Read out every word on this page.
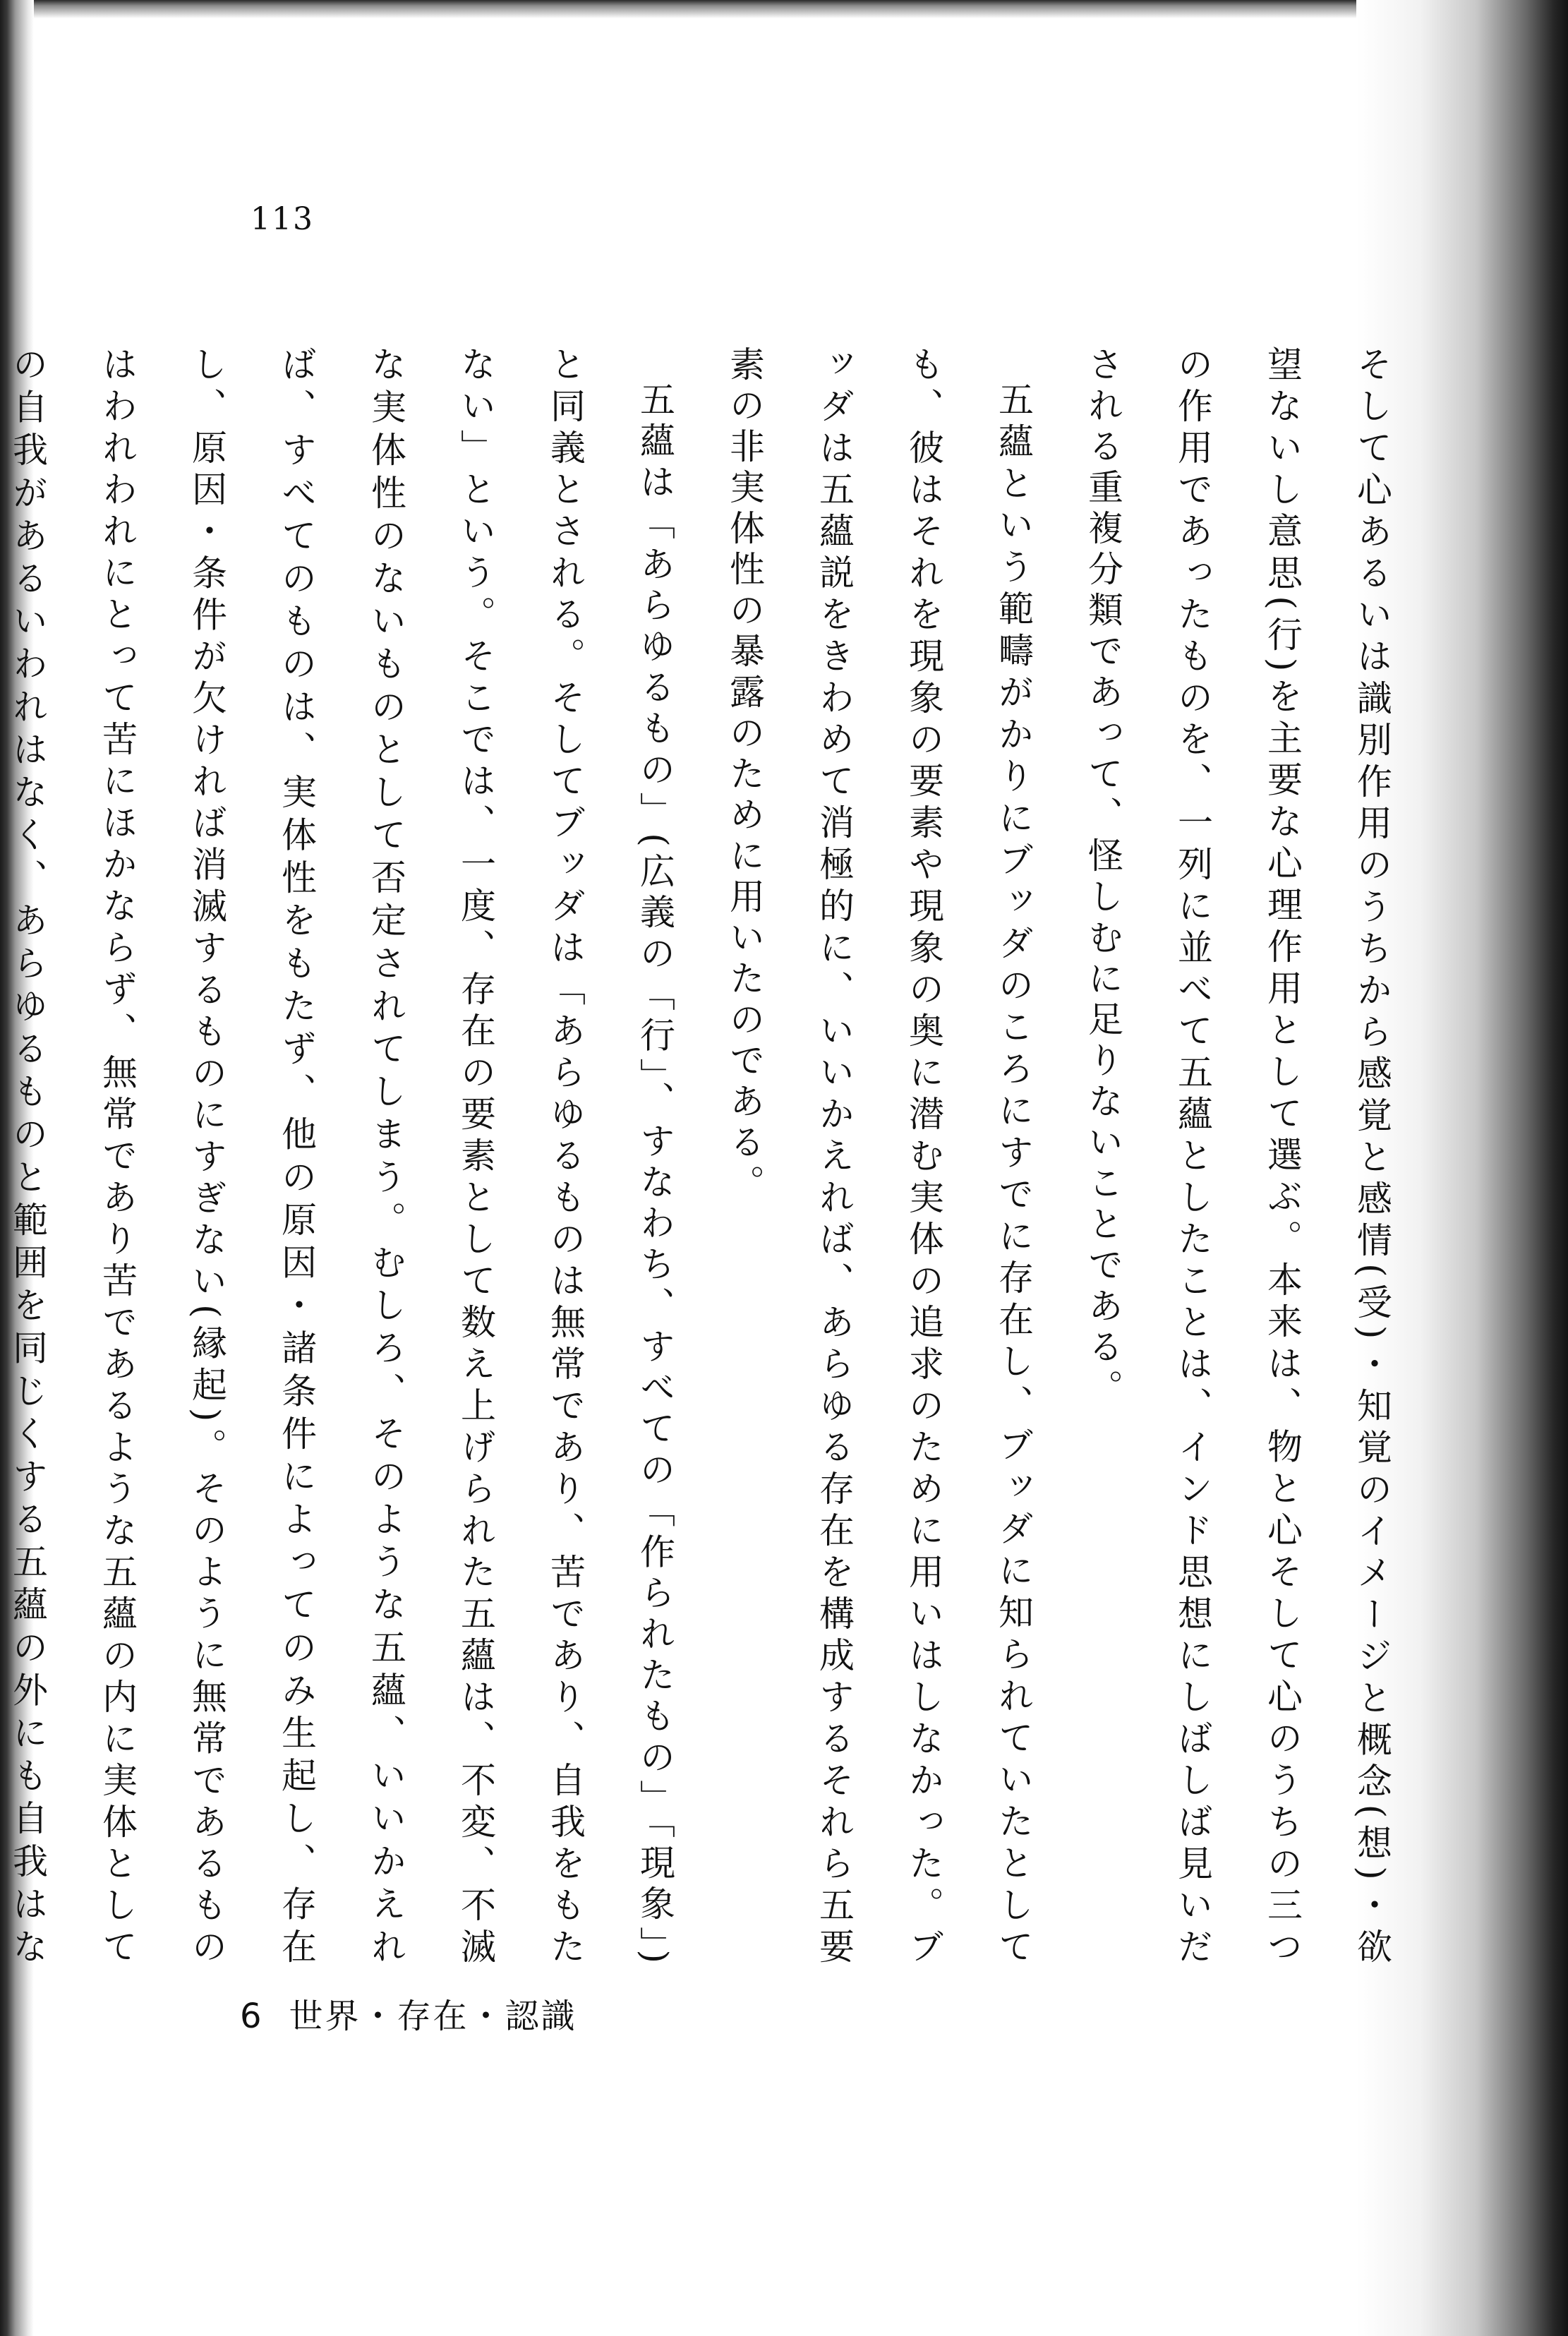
113

そして心あるいは識別作用のうちから感覚と感情(受)・知覚のイメージと概念(想)・欲望ないし意思(行)を主要な心理作用として選ぶ。本来は、物と心そして心のうちの三つの作用であったものを、一列に並べて五蘊としたことは、インド思想にしばしば見いだされる重複分類であって、怪しむに足りないことである。

五蘊という範疇がかりにブッダのころにすでに存在し、ブッダに知られていたとしても、彼はそれを現象の要素や現象の奥に潜む実体の追求のために用いはしなかった。ブッダは五蘊説をきわめて消極的に、いいかえれば、あらゆる存在を構成するそれら五要素の非実体性の暴露のために用いたのである。

五蘊は「あらゆるもの」(広義の「行」、すなわち、すべての「作られたもの」「現象」)と同義とされる。そしてブッダは「あらゆるものは無常であり、苦であり、自我をもたない」という。そこでは、一度、存在の要素として数え上げられた五蘊は、不変、不滅な実体性のないものとして否定されてしまう。むしろ、そのような五蘊、いいかえれば、すべてのものは、実体性をもたず、他の原因・諸条件によってのみ生起し、存在し、原因・条件が欠ければ消滅するものにすぎない(縁起)。そのように無常であるものはわれわれにとって苦にほかならず、無常であり苦であるような五蘊の内に実体としての自我があるいわれはなく、あらゆるものと範囲を同じくする五蘊の外にも自我はな

6 世界・存在・認識
